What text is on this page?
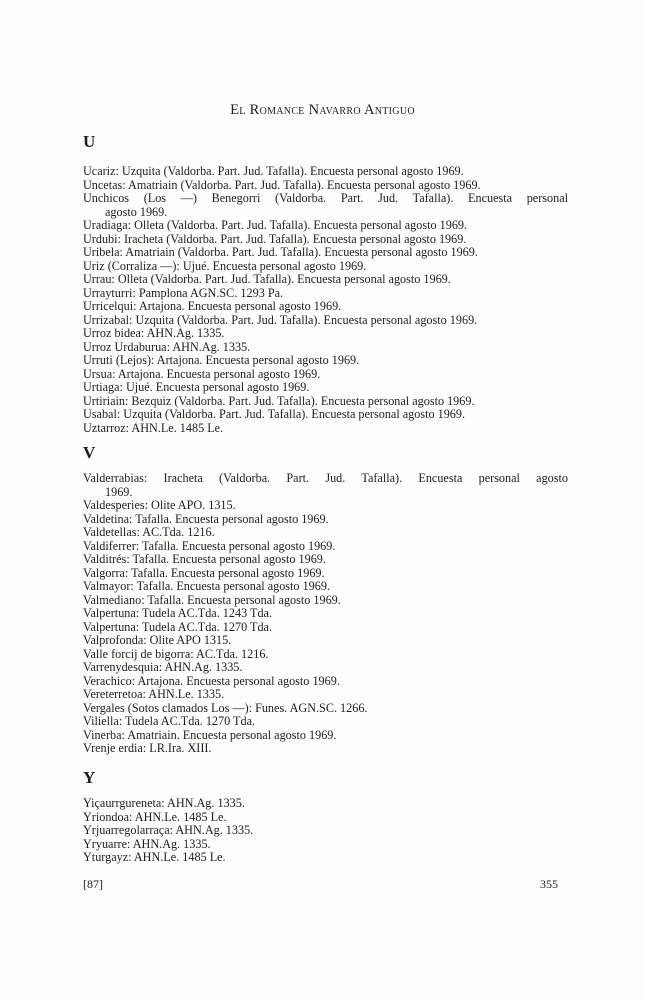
El Romance Navarro Antiguo
U
Ucariz: Uzquita (Valdorba. Part. Jud. Tafalla). Encuesta personal agosto 1969.
Uncetas: Amatriain (Valdorba. Part. Jud. Tafalla). Encuesta personal agosto 1969.
Unchicos (Los —) Benegorri (Valdorba. Part. Jud. Tafalla). Encuesta personal
agosto 1969.
Uradiaga: Olleta (Valdorba. Part. Jud. Tafalla). Encuesta personal agosto 1969.
Urdubi: Iracheta (Valdorba. Part. Jud. Tafalla). Encuesta personal agosto 1969.
Uribela: Amatriain (Valdorba. Part. Jud. Tafalla). Encuesta personal agosto 1969.
Uriz (Corraliza —): Ujué. Encuesta personal agosto 1969.
Urrau: Olleta (Valdorba. Part. Jud. Tafalla). Encuesta personal agosto 1969.
Urrayturri: Pamplona AGN.SC. 1293 Pa.
Urricelqui: Artajona. Encuesta personal agosto 1969.
Urrizabal: Uzquita (Valdorba. Part. Jud. Tafalla). Encuesta personal agosto 1969.
Urroz bidea: AHN.Ag. 1335.
Urroz Urdaburua: AHN.Ag. 1335.
Urruti (Lejos): Artajona. Encuesta personal agosto 1969.
Ursua: Artajona. Encuesta personal agosto 1969.
Urtiaga: Ujué. Encuesta personal agosto 1969.
Urtiriain: Bezquiz (Valdorba. Part. Jud. Tafalla). Encuesta personal agosto 1969.
Usabal: Uzquita (Valdorba. Part. Jud. Tafalla). Encuesta personal agosto 1969.
Uztarroz: AHN.Le. 1485 Le.
V
Valderrabias: Iracheta (Valdorba. Part. Jud. Tafalla). Encuesta personal agosto
1969.
Valdesperies: Olite APO. 1315.
Valdetina: Tafalla. Encuesta personal agosto 1969.
Valdetellas: AC.Tda. 1216.
Valdiferrer: Tafalla. Encuesta personal agosto 1969.
Valditrés: Tafalla. Encuesta personal agosto 1969.
Valgorra: Tafalla. Encuesta personal agosto 1969.
Valmayor: Tafalla. Encuesta personal agosto 1969.
Valmediano: Tafalla. Encuesta personal agosto 1969.
Valpertuna: Tudela AC.Tda. 1243 Tda.
Valpertuna: Tudela AC.Tda. 1270 Tda.
Valprofonda: Olite APO 1315.
Valle forcij de bigorra: AC.Tda. 1216.
Varrenydesquia: AHN.Ag. 1335.
Verachico: Artajona. Encuesta personal agosto 1969.
Vereterretoa: AHN.Le. 1335.
Vergales (Sotos clamados Los —): Funes. AGN.SC. 1266.
Viliella: Tudela AC.Tda. 1270 Tda.
Vinerba: Amatriain. Encuesta personal agosto 1969.
Vrenje erdia: LR.Ira. XIII.
Y
Yiçaurrgureneta: AHN.Ag. 1335.
Yriondoa: AHN.Le. 1485 Le.
Yrjuarregolarraça: AHN.Ag. 1335.
Yryuarre: AHN.Ag. 1335.
Yturgayz: AHN.Le. 1485 Le.
[87]	355
